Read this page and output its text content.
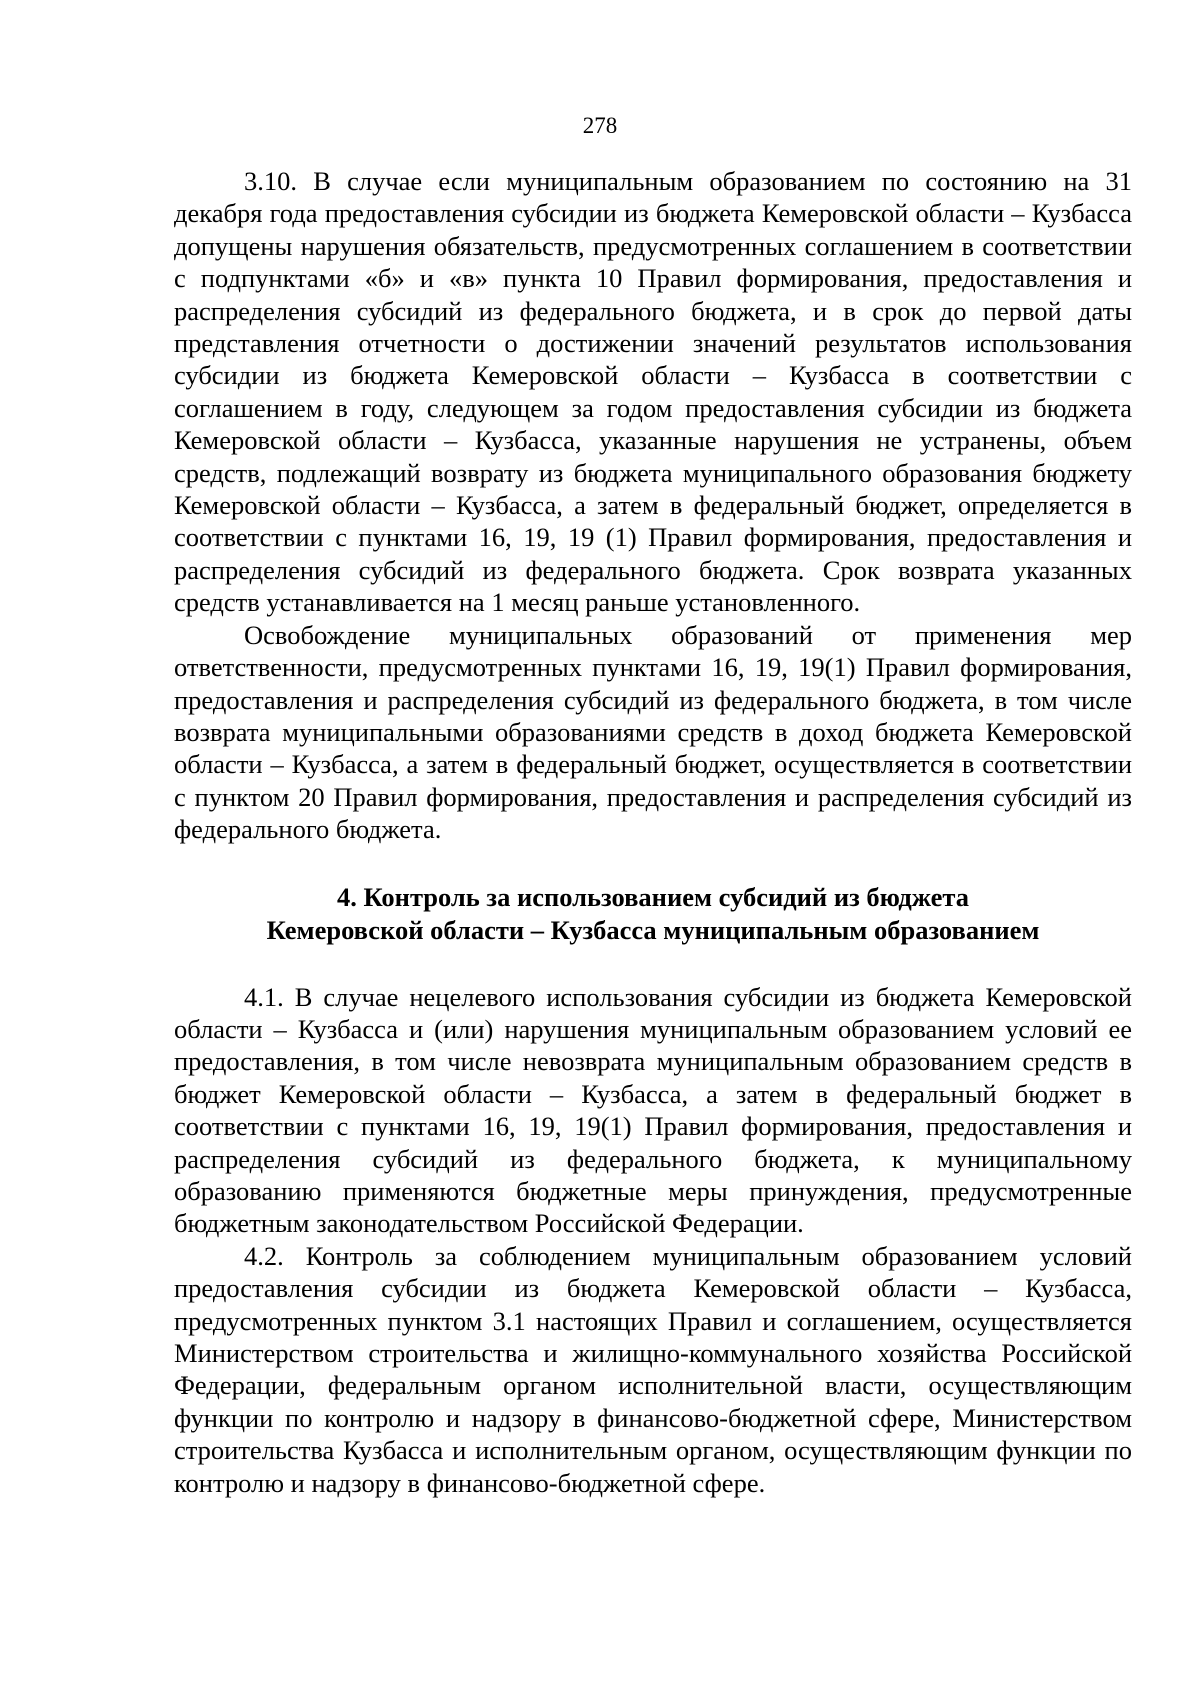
278

3.10. В случае если муниципальным образованием по состоянию на 31 декабря года предоставления субсидии из бюджета Кемеровской области – Кузбасса допущены нарушения обязательств, предусмотренных соглашением в соответствии с подпунктами «б» и «в» пункта 10 Правил формирования, предоставления и распределения субсидий из федерального бюджета, и в срок до первой даты представления отчетности о достижении значений результатов использования субсидии из бюджета Кемеровской области – Кузбасса в соответствии с соглашением в году, следующем за годом предоставления субсидии из бюджета Кемеровской области – Кузбасса, указанные нарушения не устранены, объем средств, подлежащий возврату из бюджета муниципального образования бюджету Кемеровской области – Кузбасса, а затем в федеральный бюджет, определяется в соответствии с пунктами 16, 19, 19 (1) Правил формирования, предоставления и распределения субсидий из федерального бюджета. Срок возврата указанных средств устанавливается на 1 месяц раньше установленного.

Освобождение муниципальных образований от применения мер ответственности, предусмотренных пунктами 16, 19, 19(1) Правил формирования, предоставления и распределения субсидий из федерального бюджета, в том числе возврата муниципальными образованиями средств в доход бюджета Кемеровской области – Кузбасса, а затем в федеральный бюджет, осуществляется в соответствии с пунктом 20 Правил формирования, предоставления и распределения субсидий из федерального бюджета.

4. Контроль за использованием субсидий из бюджета
Кемеровской области – Кузбасса муниципальным образованием

4.1. В случае нецелевого использования субсидии из бюджета Кемеровской области – Кузбасса и (или) нарушения муниципальным образованием условий ее предоставления, в том числе невозврата муниципальным образованием средств в бюджет Кемеровской области – Кузбасса, а затем в федеральный бюджет в соответствии с пунктами 16, 19, 19(1) Правил формирования, предоставления и распределения субсидий из федерального бюджета, к муниципальному образованию применяются бюджетные меры принуждения, предусмотренные бюджетным законодательством Российской Федерации.

4.2. Контроль за соблюдением муниципальным образованием условий предоставления субсидии из бюджета Кемеровской области – Кузбасса, предусмотренных пунктом 3.1 настоящих Правил и соглашением, осуществляется Министерством строительства и жилищно-коммунального хозяйства Российской Федерации, федеральным органом исполнительной власти, осуществляющим функции по контролю и надзору в финансово-бюджетной сфере, Министерством строительства Кузбасса и исполнительным органом, осуществляющим функции по контролю и надзору в финансово-бюджетной сфере.
